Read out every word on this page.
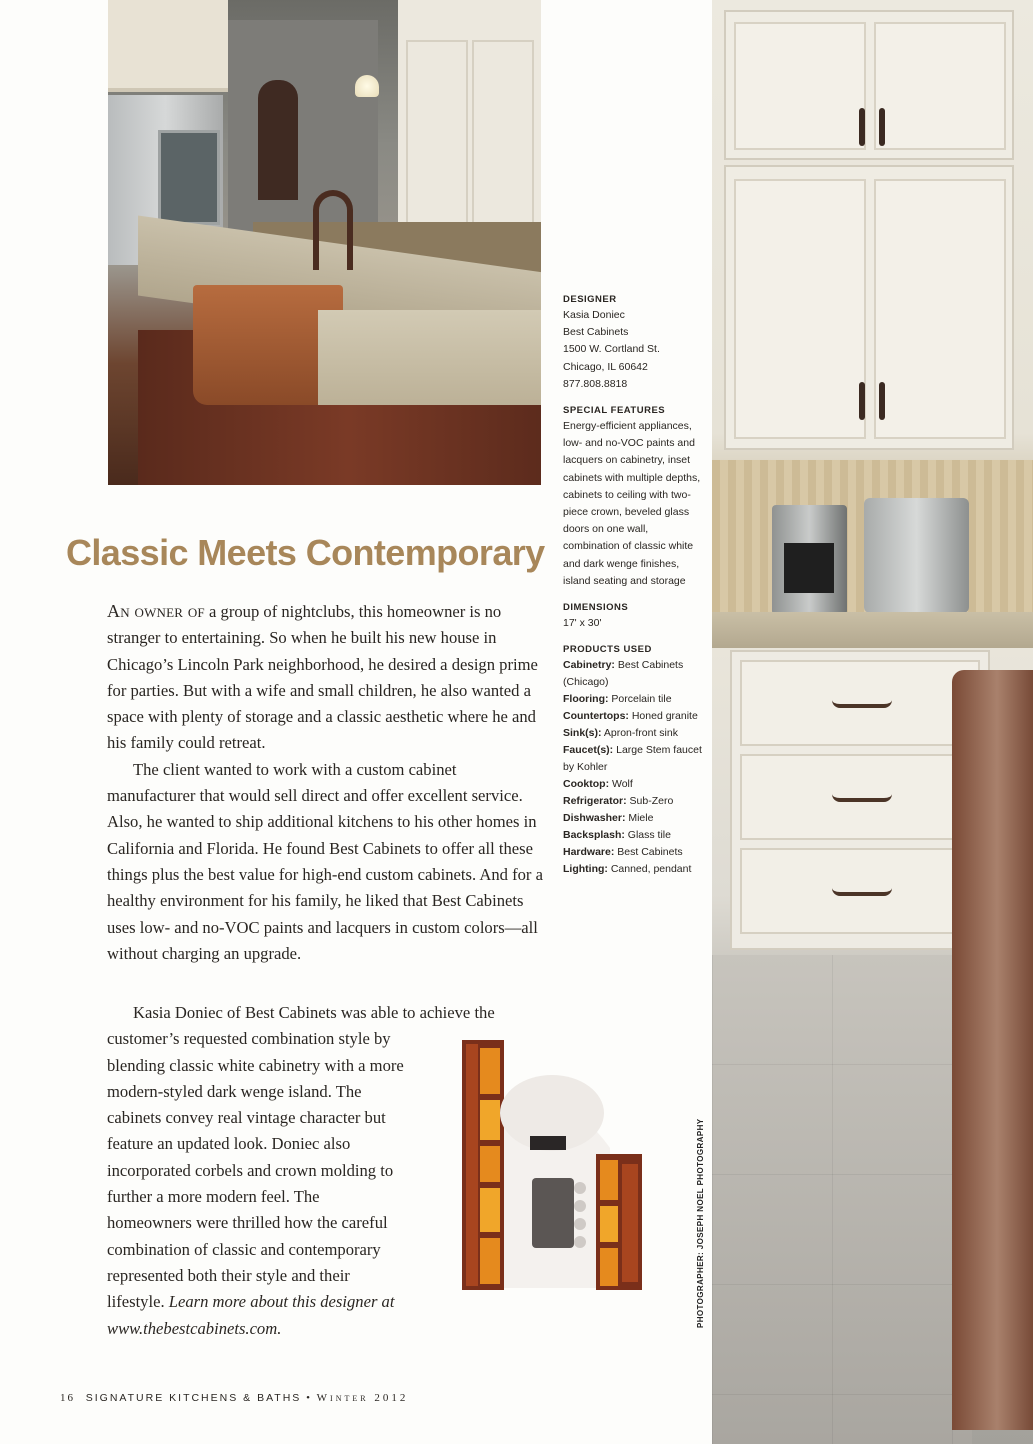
PHOTOGRAPHER: JOSEPH NOEL PHOTOGRAPHY
Classic Meets Contemporary

An owner of a group of nightclubs, this homeowner is no stranger to entertaining. So when he built his new house in Chicago’s Lincoln Park neighborhood, he desired a design prime for parties. But with a wife and small children, he also wanted a space with plenty of storage and a classic aesthetic where he and his family could retreat.

The client wanted to work with a custom cabinet manufacturer that would sell direct and offer excellent service. Also, he wanted to ship additional kitchens to his other homes in California and Florida. He found Best Cabinets to offer all these things plus the best value for high-end custom cabinets. And for a healthy environment for his family, he liked that Best Cabinets uses low- and no-VOC paints and lacquers in custom colors—all without charging an upgrade.

Kasia Doniec of Best Cabinets was able to achieve the
customer’s requested combination style by blending classic white cabinetry with a more modern-styled dark wenge island. The cabinets convey real vintage character but feature an updated look. Doniec also incorporated corbels and crown molding to further a more modern feel. The homeowners were thrilled how the careful combination of classic and contemporary represented both their style and their lifestyle. Learn more about this designer at www.thebestcabinets.com.
DESIGNER
Kasia Doniec
Best Cabinets
1500 W. Cortland St.
Chicago, IL 60642
877.808.8818
SPECIAL FEATURES
Energy-efficient appliances, low- and no-VOC paints and lacquers on cabinetry, inset cabinets with multiple depths, cabinets to ceiling with two-piece crown, beveled glass doors on one wall, combination of classic white and dark wenge finishes, island seating and storage
DIMENSIONS
17' x 30'
PRODUCTS USED
Cabinetry: Best Cabinets (Chicago)
Flooring: Porcelain tile
Countertops: Honed granite
Sink(s): Apron-front sink
Faucet(s): Large Stem faucet by Kohler
Cooktop: Wolf
Refrigerator: Sub-Zero
Dishwasher: Miele
Backsplash: Glass tile
Hardware: Best Cabinets
Lighting: Canned, pendant
16 SIGNATURE KITCHENS & BATHS • Winter 2012
